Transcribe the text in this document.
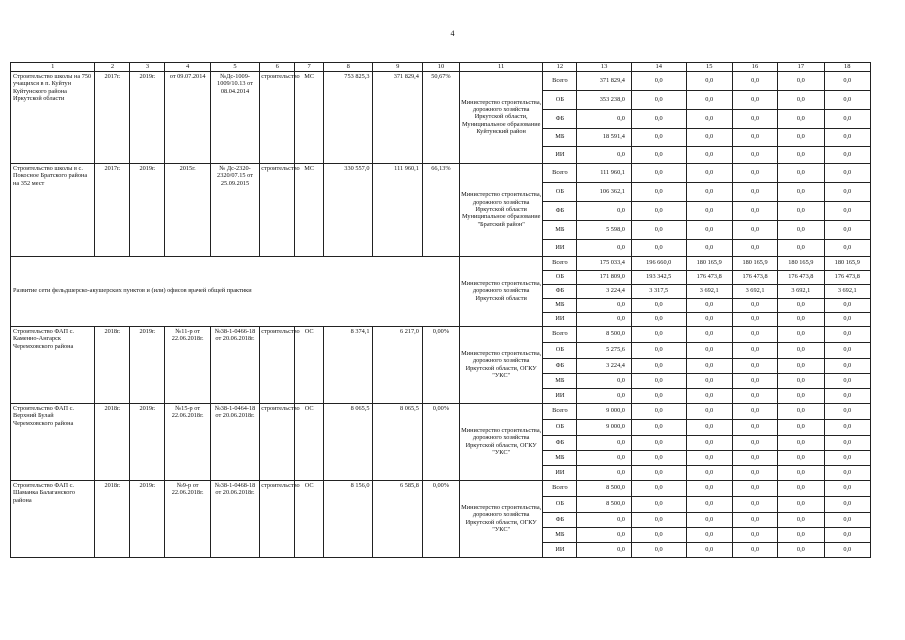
4
1	2	3	4	5	6	7	8	9	10	11	12	13	14	15	16	17	18
Строительство школы на 750 учащихся в п. Куйтун Куйтунского района Иркутской области	2017г.	2019г.	от 09.07.2014	№Дс-1009-1009/10.13 от 08.04.2014	строительство	МС	753 825,3	371 829,4	50,67%	Министерство строительства, дорожного хозяйства Иркутской области, Муниципальное образование Куйтунский район	Всего	371 829,4	0,0	0,0	0,0	0,0	0,0
											ОБ	353 238,0	0,0	0,0	0,0	0,0	0,0
											ФБ	0,0	0,0	0,0	0,0	0,0	0,0
											МБ	18 591,4	0,0	0,0	0,0	0,0	0,0
											ИИ	0,0	0,0	0,0	0,0	0,0	0,0
Строительство школы в с. Покосное Братского района на 352 мест	2017г.	2019г.	2015г.	№ Дс-2320-2320/07.15 от 25.09.2015	строительство	МС	330 557,0	111 960,1	66,13%	Министерство строительства, дорожного хозяйства Иркутской области Муниципальное образование "Братский район"	Всего	111 960,1	0,0	0,0	0,0	0,0	0,0
											ОБ	106 362,1	0,0	0,0	0,0	0,0	0,0
											ФБ	0,0	0,0	0,0	0,0	0,0	0,0
											МБ	5 598,0	0,0	0,0	0,0	0,0	0,0
											ИИ	0,0	0,0	0,0	0,0	0,0	0,0
Развитие сети фельдшерско-акушерских пунктов и (или) офисов врачей общей практики										Министерство строительства, дорожного хозяйства Иркутской области	Всего	175 033,4	196 660,0	180 165,9	180 165,9	180 165,9	180 165,9
											ОБ	171 809,0	193 342,5	176 473,8	176 473,8	176 473,8	176 473,8
											ФБ	3 224,4	3 317,5	3 692,1	3 692,1	3 692,1	3 692,1
											МБ	0,0	0,0	0,0	0,0	0,0	0,0
											ИИ	0,0	0,0	0,0	0,0	0,0	0,0
Строительство ФАП с. Каменно-Ангарск Черемховского района	2018г.	2019г.	№11-р от 22.06.2018г.	№38-1-0466-18 от 20.06.2018г.	строительство	ОС	8 374,1	6 217,0	0,00%	Министерство строительства, дорожного хозяйства Иркутской области, ОГКУ "УКС"	Всего	8 500,0	0,0	0,0	0,0	0,0	0,0
											ОБ	5 275,6	0,0	0,0	0,0	0,0	0,0
											ФБ	3 224,4	0,0	0,0	0,0	0,0	0,0
											МБ	0,0	0,0	0,0	0,0	0,0	0,0
											ИИ	0,0	0,0	0,0	0,0	0,0	0,0
Строительство ФАП с. Верхний Булай Черемховского района	2018г.	2019г.	№15-р от 22.06.2018г.	№38-1-0464-18 от 20.06.2018г.	строительство	ОС	8 065,5	8 065,5	0,00%	Министерство строительства, дорожного хозяйства Иркутской области, ОГКУ "УКС"	Всего	9 000,0	0,0	0,0	0,0	0,0	0,0
											ОБ	9 000,0	0,0	0,0	0,0	0,0	0,0
											ФБ	0,0	0,0	0,0	0,0	0,0	0,0
											МБ	0,0	0,0	0,0	0,0	0,0	0,0
											ИИ	0,0	0,0	0,0	0,0	0,0	0,0
Строительство ФАП с. Шаманка Балаганского района	2018г.	2019г.	№9-р от 22.06.2018г.	№38-1-0468-18 от 20.06.2018г.	строительство	ОС	8 156,0	6 585,8	0,00%	Министерство строительства, дорожного хозяйства Иркутской области, ОГКУ "УКС"	Всего	8 500,0	0,0	0,0	0,0	0,0	0,0
											ОБ	8 500,0	0,0	0,0	0,0	0,0	0,0
											ФБ	0,0	0,0	0,0	0,0	0,0	0,0
											МБ	0,0	0,0	0,0	0,0	0,0	0,0
											ИИ	0,0	0,0	0,0	0,0	0,0	0,0
